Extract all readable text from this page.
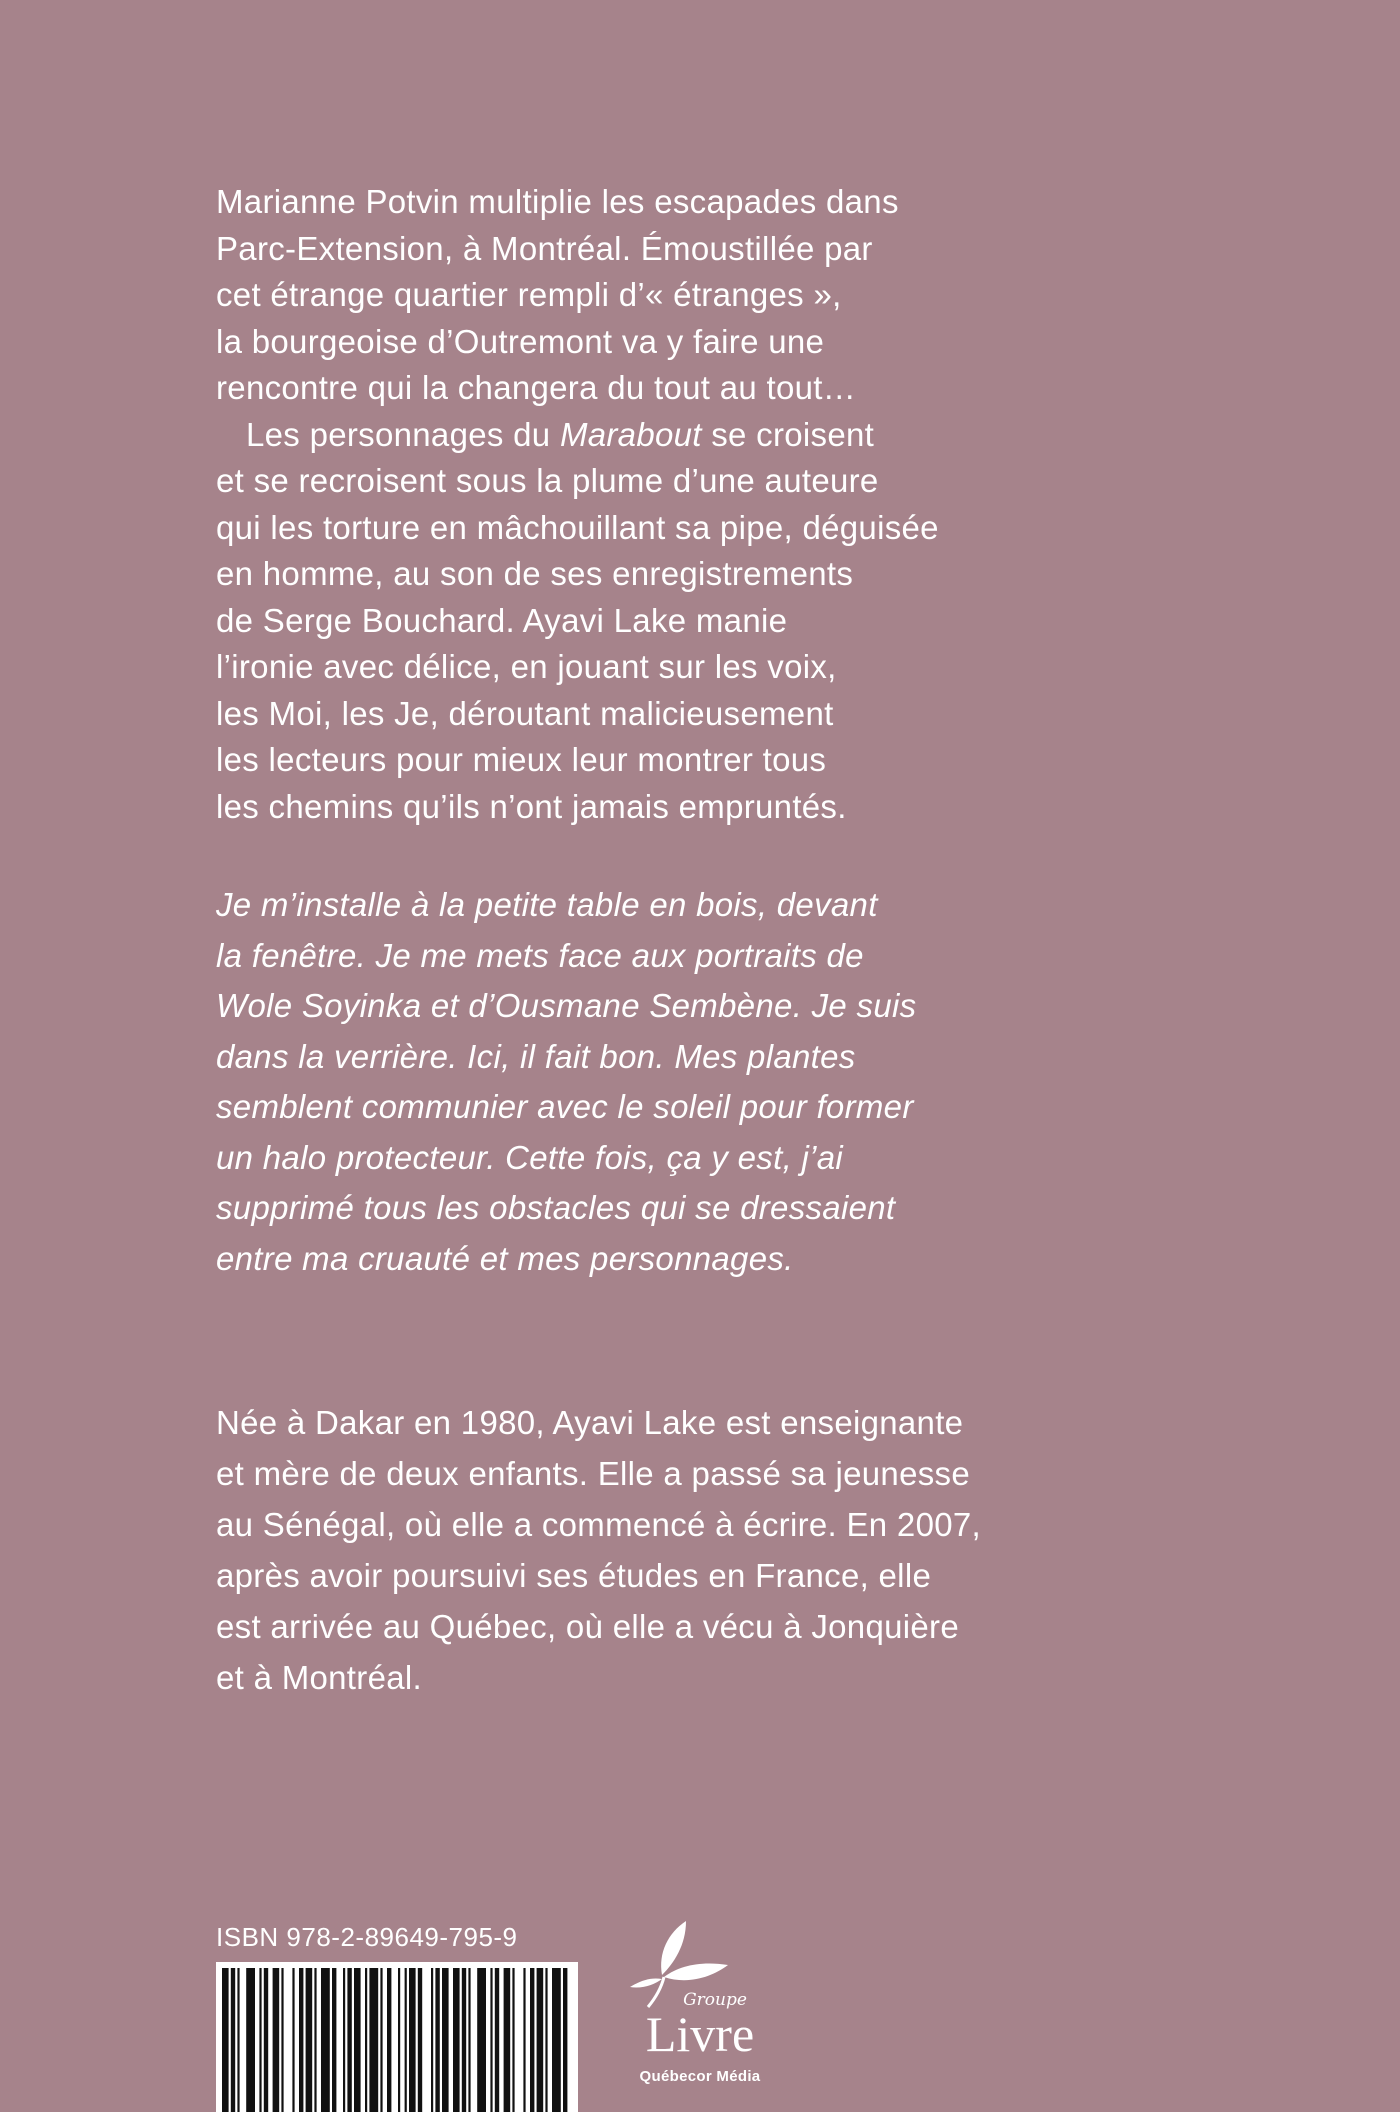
Marianne Potvin multiplie les escapades dans
Parc-Extension, à Montréal. Émoustillée par
cet étrange quartier rempli d’« étranges »,
la bourgeoise d’Outremont va y faire une
rencontre qui la changera du tout au tout…
Les personnages du Marabout se croisent
et se recroisent sous la plume d’une auteure
qui les torture en mâchouillant sa pipe, déguisée
en homme, au son de ses enregistrements
de Serge Bouchard. Ayavi Lake manie
l’ironie avec délice, en jouant sur les voix,
les Moi, les Je, déroutant malicieusement
les lecteurs pour mieux leur montrer tous
les chemins qu’ils n’ont jamais empruntés.
Je m’installe à la petite table en bois, devant
la fenêtre. Je me mets face aux portraits de
Wole Soyinka et d’Ousmane Sembène. Je suis
dans la verrière. Ici, il fait bon. Mes plantes
semblent communier avec le soleil pour former
un halo protecteur. Cette fois, ça y est, j’ai
supprimé tous les obstacles qui se dressaient
entre ma cruauté et mes personnages.
Née à Dakar en 1980, Ayavi Lake est enseignante
et mère de deux enfants. Elle a passé sa jeunesse
au Sénégal, où elle a commencé à écrire. En 2007,
après avoir poursuivi ses études en France, elle
est arrivée au Québec, où elle a vécu à Jonquière
et à Montréal.
ISBN 978-2-89649-795-9
Groupe
Livre
Québecor Média
